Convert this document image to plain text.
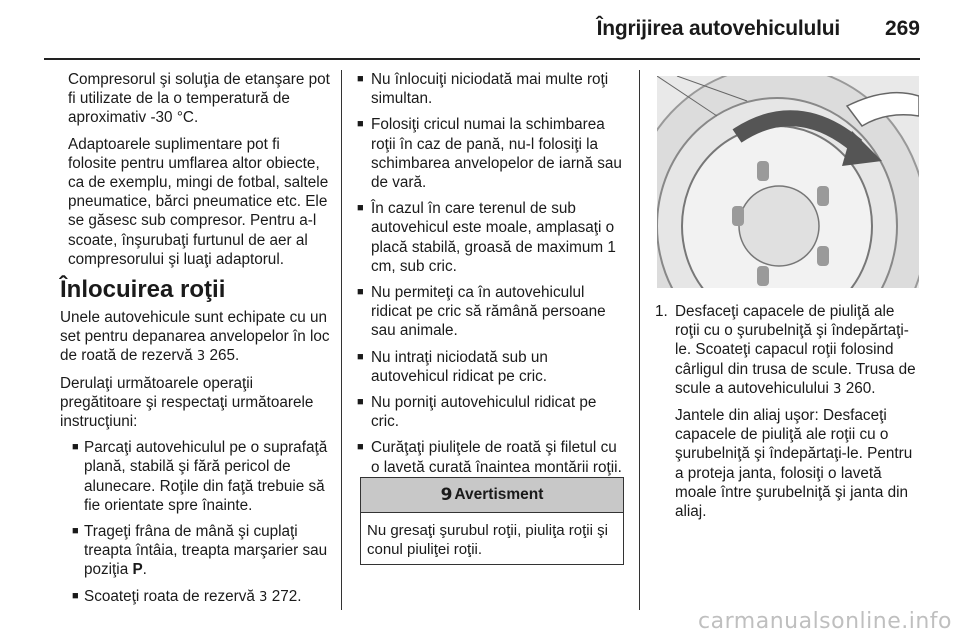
Îngrijirea autovehiculului 269

Compresorul şi soluţia de etanşare pot fi utilizate de la o temperatură de aproximativ -30 °C.

Adaptoarele suplimentare pot fi folosite pentru umflarea altor obiecte, ca de exemplu, mingi de fotbal, saltele pneumatice, bărci pneumatice etc. Ele se găsesc sub compresor. Pentru a-l scoate, înşurubaţi furtunul de aer al compresorului şi luaţi adaptorul.

Înlocuirea roţii

Unele autovehicule sunt echipate cu un set pentru depanarea anvelopelor în loc de roată de rezervă 3 265.

Derulaţi următoarele operaţii pregătitoare şi respectaţi următoarele instrucţiuni:

■ Parcaţi autovehiculul pe o suprafaţă plană, stabilă şi fără pericol de alunecare. Roţile din faţă trebuie să fie orientate spre înainte.
■ Trageţi frâna de mână şi cuplaţi treapta întâia, treapta marşarier sau poziţia P.
■ Scoateţi roata de rezervă 3 272.
■ Nu înlocuiţi niciodată mai multe roţi simultan.
■ Folosiţi cricul numai la schimbarea roţii în caz de pană, nu-l folosiţi la schimbarea anvelopelor de iarnă sau de vară.
■ În cazul în care terenul de sub autovehicul este moale, amplasaţi o placă stabilă, groasă de maximum 1 cm, sub cric.
■ Nu permiteţi ca în autovehiculul ridicat pe cric să rămână persoane sau animale.
■ Nu intraţi niciodată sub un autovehicul ridicat pe cric.
■ Nu porniţi autovehiculul ridicat pe cric.
■ Curăţaţi piuliţele de roată şi filetul cu o lavetă curată înaintea montării roţii.
9 Avertisment
Nu gresaţi şurubul roţii, piuliţa roţii şi conul piuliţei roţii.
1. Desfaceţi capacele de piuliţă ale roţii cu o şurubelniţă şi îndepărtaţi-le. Scoateţi capacul roţii folosind cârligul din trusa de scule. Trusa de scule a autovehiculului 3 260.

Jantele din aliaj uşor: Desfaceţi capacele de piuliţă ale roţii cu o şurubelniţă şi îndepărtaţi-le. Pentru a proteja janta, folosiţi o lavetă moale între şurubelniţă şi janta din aliaj.

carmanualsonline.info
